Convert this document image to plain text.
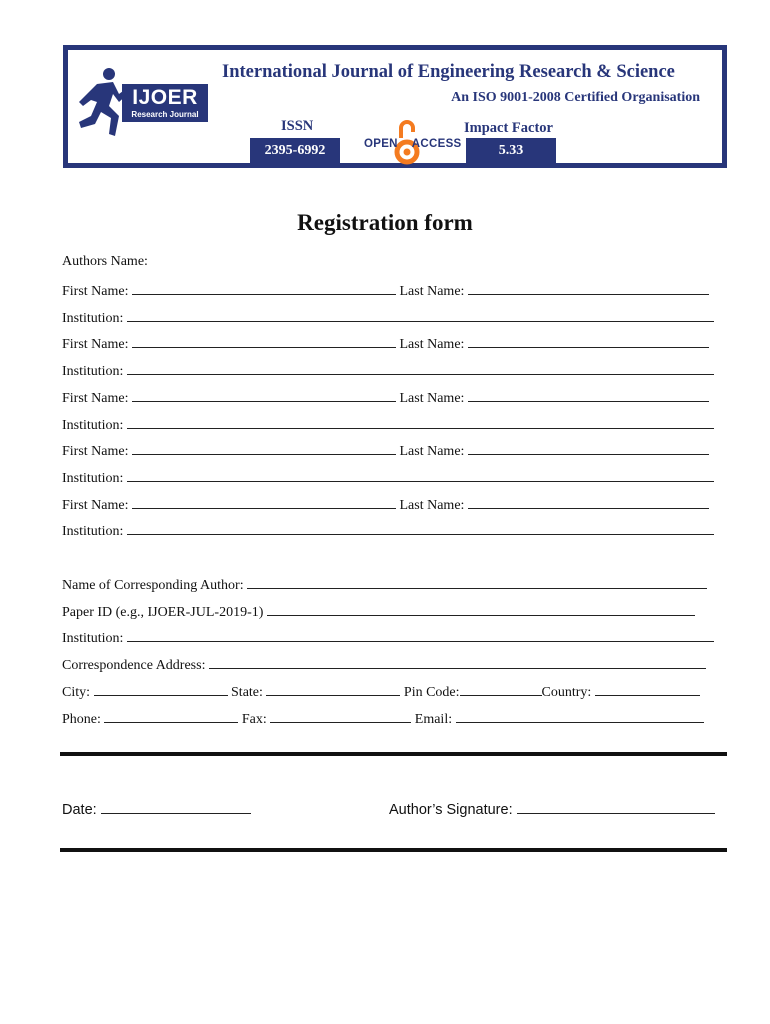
IJOER
Research Journal
International Journal of Engineering Research & Science
An ISO 9001-2008 Certified Organisation
ISSN
2395-6992	OPEN ACCESS
Impact Factor
5.33
Registration form
Authors Name:
First Name:	Last Name:
Institution:
First Name:	Last Name:
Institution:
First Name:	Last Name:
Institution:
First Name:	Last Name:
Institution:
First Name:	Last Name:
Institution:
Name of Corresponding Author:
Paper ID (e.g., IJOER-JUL-2019-1)
Institution:
Correspondence Address:
City:	State:	Pin Code:	Country:
Phone:	Fax:	Email:
Date:	Author’s Signature:
